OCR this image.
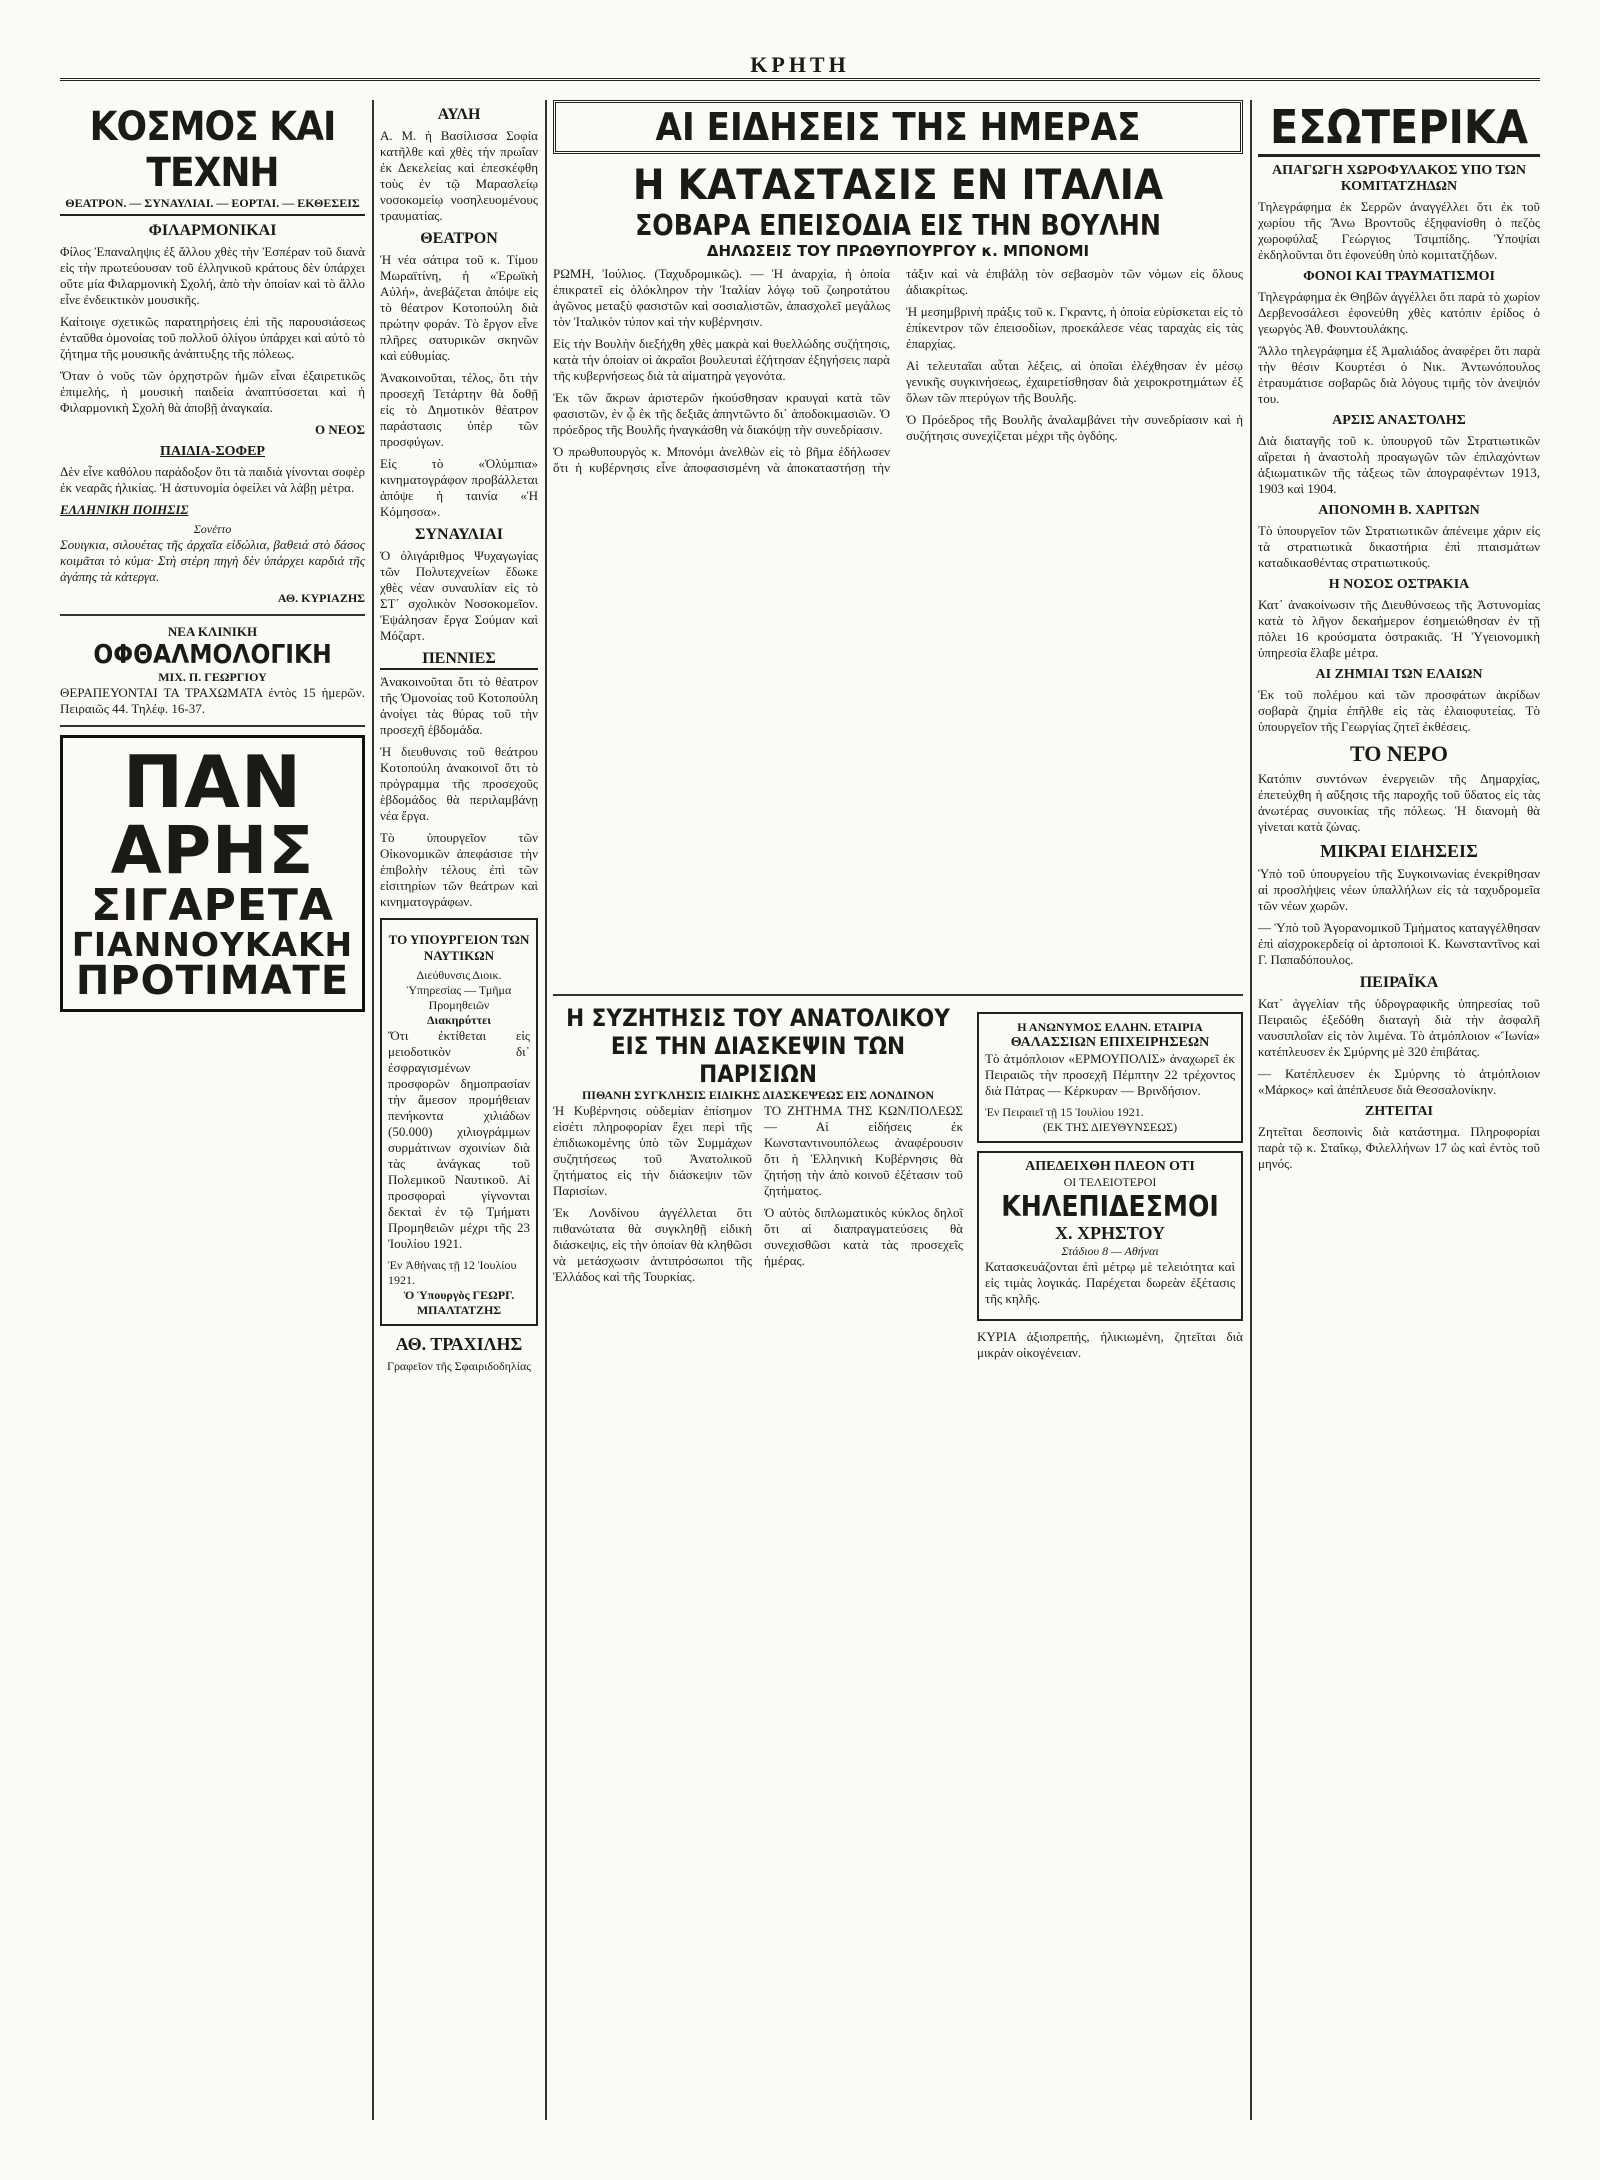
ΚΡΗΤΗ
ΚΟΣΜΟΣ ΚΑΙ ΤΕΧΝΗ
ΘΕΑΤΡΟΝ. — ΣΥΝΑΥΛΙΑΙ. — ΕΟΡΤΑΙ. — ΕΚΘΕΣΕΙΣ
ΦΙΛΑΡΜΟΝΙΚΑΙ

Φίλος Ἐπαναληψις ἐξ ἄλλου χθὲς τὴν Ἐσπέραν τοῦ διανὰ εἰς τὴν πρωτεύουσαν τοῦ ἑλληνικοῦ κράτους δὲν ὑπάρχει οὔτε μία Φιλαρμονικὴ Σχολή, ἀπὸ τὴν ὁποίαν καὶ τὸ ἄλλο εἶνε ἐνδεικτικὸν μουσικῆς.

Καίτοιγε σχετικῶς παρατηρήσεις ἐπὶ τῆς παρουσιάσεως ἐνταῦθα ὁμονοίας τοῦ πολλοῦ ὀλίγου ὑπάρχει καὶ αὐτὸ τὸ ζήτημα τῆς μουσικῆς ἀνάπτυξης τῆς πόλεως.

Ὅταν ὁ νοῦς τῶν ὀρχηστρῶν ἡμῶν εἶναι ἐξαιρετικῶς ἐπιμελής, ἡ μουσικὴ παιδεία ἀναπτύσσεται καὶ ἡ Φιλαρμονικὴ Σχολὴ θὰ ἀποβῇ ἀναγκαία.

Ο ΝΕΟΣ
ΠΑΙΔΙΑ-ΣΟΦΕΡ

Δὲν εἶνε καθόλου παράδοξον ὅτι τὰ παιδιὰ γίνονται σοφὲρ ἐκ νεαρᾶς ἡλικίας. Ἡ ἀστυνομία ὀφείλει νὰ λάβῃ μέτρα.

ΕΛΛΗΝΙΚΗ ΠΟΙΗΣΙΣ
Σονέττο

Σουιγκια, σιλουέτας τῆς ἀρχαῖα εἰδώλια, βαθειά στὸ δάσος κοιμᾶται τὸ κύμα· Στὴ στέρη πηγὴ δὲν ὑπάρχει καρδιά τῆς ἀγάπης τὰ κάτεργα.

ΑΘ. ΚΥΡΙΑΖΗΣ
ΝΕΑ ΚΛΙΝΙΚΗ
ΟΦΘΑΛΜΟΛΟΓΙΚΗ
ΜΙΧ. Π. ΓΕΩΡΓΙΟΥ

ΘΕΡΑΠΕΥΟΝΤΑΙ ΤΑ ΤΡΑΧΩΜΑΤΑ ἐντὸς 15 ἡμερῶν. Πειραιῶς 44. Τηλέφ. 16-37.

ΠΑΝ
ΑΡΗΣ
ΣΙΓΑΡΕΤΑ
ΓΙΑΝΝΟΥΚΑΚΗ
ΠΡΟΤΙΜΑΤΕ
ΑΥΛΗ

Α. Μ. ἡ Βασίλισσα Σοφία κατῆλθε καὶ χθὲς τὴν πρωΐαν ἐκ Δεκελείας καὶ ἐπεσκέφθη τοὺς ἐν τῷ Μαρασλείῳ νοσοκομείῳ νοσηλευομένους τραυματίας.

ΘΕΑΤΡΟΝ

Ἡ νέα σάτιρα τοῦ κ. Τίμου Μωραϊτίνη, ἡ «Ἑρωϊκὴ Αὐλή», ἀνεβάζεται ἀπόψε εἰς τὸ θέατρον Κοτοπούλη διὰ πρώτην φοράν. Τὸ ἔργον εἶνε πλῆρες σατυρικῶν σκηνῶν καὶ εὐθυμίας.

Ἀνακοινοῦται, τέλος, ὅτι τὴν προσεχῆ Τετάρτην θὰ δοθῇ εἰς τὸ Δημοτικὸν θέατρον παράστασις ὑπὲρ τῶν προσφύγων.

Εἰς τὸ «Ὀλύμπια» κινηματογράφον προβάλλεται ἀπόψε ἡ ταινία «Ἡ Κόμησσα».

ΣΥΝΑΥΛΙΑΙ

Ὁ ὀλιγάριθμος Ψυχαγωγίας τῶν Πολυτεχνείων ἔδωκε χθὲς νέαν συναυλίαν εἰς τὸ ΣΤ΄ σχολικὸν Νοσοκομεῖον. Ἐψάλησαν ἔργα Σούμαν καὶ Μόζαρτ.

ΠΕΝΝΙΕΣ

Ἀνακοινοῦται ὅτι τὸ θέατρον τῆς Ὀμονοίας τοῦ Κοτοπούλη ἀνοίγει τὰς θύρας τοῦ τὴν προσεχῆ ἑβδομάδα.

Ἡ διευθυνσις τοῦ θεάτρου Κοτοπούλη ἀνακοινοῖ ὅτι τὸ πρόγραμμα τῆς προσεχοῦς ἑβδομάδος θὰ περιλαμβάνῃ νέα ἔργα.

Τὸ ὑπουργεῖον τῶν Οἰκονομικῶν ἀπεφάσισε τὴν ἐπιβολὴν τέλους ἐπὶ τῶν εἰσιτηρίων τῶν θεάτρων καὶ κινηματογράφων.

ΤΟ ΥΠΟΥΡΓΕΙΟΝ ΤΩΝ ΝΑΥΤΙΚΩΝ
Διεύθυνσις Διοικ. Ὑπηρεσίας — Τμῆμα Προμηθειῶν
Διακηρύττει

Ὅτι ἐκτίθεται εἰς μειοδοτικὸν δι᾽ ἐσφραγισμένων προσφορῶν δημοπρασίαν τὴν ἄμεσον προμήθειαν πενήκοντα χιλιάδων (50.000) χιλιογράμμων συρμάτινων σχοινίων διὰ τὰς ἀνάγκας τοῦ Πολεμικοῦ Ναυτικοῦ. Αἱ προσφοραὶ γίγνονται δεκταὶ ἐν τῷ Τμήματι Προμηθειῶν μέχρι τῆς 23 Ἰουλίου 1921.

Ἐν Ἀθήναις τῇ 12 Ἰουλίου 1921.
Ὁ Ὑπουργὸς ΓΕΩΡΓ. ΜΠΑΛΤΑΤΖΗΣ
ΑΘ. ΤΡΑΧΙΛΗΣ
Γραφεῖον τῆς Σφαιριδοδηλίας
ΑΙ ΕΙΔΗΣΕΙΣ ΤΗΣ ΗΜΕΡΑΣ
Η ΚΑΤΑΣΤΑΣΙΣ ΕΝ ΙΤΑΛΙΑ
ΣΟΒΑΡΑ ΕΠΕΙΣΟΔΙΑ ΕΙΣ ΤΗΝ ΒΟΥΛΗΝ
ΔΗΛΩΣΕΙΣ ΤΟΥ ΠΡΩΘΥΠΟΥΡΓΟΥ κ. ΜΠΟΝΟΜΙ

ΡΩΜΗ, Ἰούλιος. (Ταχυδρομικῶς). — Ἡ ἀναρχία, ἡ ὁποία ἐπικρατεῖ εἰς ὁλόκληρον τὴν Ἰταλίαν λόγῳ τοῦ ζωηροτάτου ἀγῶνος μεταξὺ φασιστῶν καὶ σοσιαλιστῶν, ἀπασχολεῖ μεγάλως τὸν Ἰταλικὸν τύπον καὶ τὴν κυβέρνησιν.

Εἰς τὴν Βουλὴν διεξήχθη χθὲς μακρὰ καὶ θυελλώδης συζήτησις, κατὰ τὴν ὁποίαν οἱ ἀκραῖοι βουλευταὶ ἐζήτησαν ἐξηγήσεις παρὰ τῆς κυβερνήσεως διὰ τὰ αἱματηρὰ γεγονότα.

Ἐκ τῶν ἄκρων ἀριστερῶν ἠκούσθησαν κραυγαὶ κατὰ τῶν φασιστῶν, ἐν ᾧ ἐκ τῆς δεξιᾶς ἀπηντῶντο δι᾽ ἀποδοκιμασιῶν. Ὁ πρόεδρος τῆς Βουλῆς ἠναγκάσθη νὰ διακόψῃ τὴν συνεδρίασιν.

Ὁ πρωθυπουργὸς κ. Μπονόμι ἀνελθὼν εἰς τὸ βῆμα ἐδήλωσεν ὅτι ἡ κυβέρνησις εἶνε ἀποφασισμένη νὰ ἀποκαταστήσῃ τὴν τάξιν καὶ νὰ ἐπιβάλῃ τὸν σεβασμὸν τῶν νόμων εἰς ὅλους ἀδιακρίτως.

Ἡ μεσημβρινὴ πράξις τοῦ κ. Γκραντς, ἡ ὁποία εὑρίσκεται εἰς τὸ ἐπίκεντρον τῶν ἐπεισοδίων, προεκάλεσε νέας ταραχὰς εἰς τὰς ἐπαρχίας.

Αἱ τελευταῖαι αὗται λέξεις, αἱ ὁποῖαι ἐλέχθησαν ἐν μέσῳ γενικῆς συγκινήσεως, ἐχαιρετίσθησαν διὰ χειροκροτημάτων ἐξ ὅλων τῶν πτερύγων τῆς Βουλῆς.

Ὁ Πρόεδρος τῆς Βουλῆς ἀναλαμβάνει τὴν συνεδρίασιν καὶ ἡ συζήτησις συνεχίζεται μέχρι τῆς ὀγδόης.

Η ΣΥΖΗΤΗΣΙΣ ΤΟΥ ΑΝΑΤΟΛΙΚΟΥ
ΕΙΣ ΤΗΝ ΔΙΑΣΚΕΨΙΝ ΤΩΝ ΠΑΡΙΣΙΩΝ
ΠΙΘΑΝΗ ΣΥΓΚΛΗΣΙΣ ΕΙΔΙΚΗΣ ΔΙΑΣΚΕΨΕΩΣ ΕΙΣ ΛΟΝΔΙΝΟΝ

Ἡ Κυβέρνησις οὐδεμίαν ἐπίσημον εἰσέτι πληροφορίαν ἔχει περὶ τῆς ἐπιδιωκομένης ὑπὸ τῶν Συμμάχων συζητήσεως τοῦ Ἀνατολικοῦ ζητήματος εἰς τὴν διάσκεψιν τῶν Παρισίων.

Ἐκ Λονδίνου ἀγγέλλεται ὅτι πιθανώτατα θὰ συγκληθῇ εἰδικὴ διάσκεψις, εἰς τὴν ὁποίαν θὰ κληθῶσι νὰ μετάσχωσιν ἀντιπρόσωποι τῆς Ἑλλάδος καὶ τῆς Τουρκίας.

ΤΟ ΖΗΤΗΜΑ ΤΗΣ ΚΩΝ/ΠΟΛΕΩΣ — Αἱ εἰδήσεις ἐκ Κωνσταντινουπόλεως ἀναφέρουσιν ὅτι ἡ Ἑλληνικὴ Κυβέρνησις θὰ ζητήσῃ τὴν ἀπὸ κοινοῦ ἐξέτασιν τοῦ ζητήματος.

Ὁ αὐτὸς διπλωματικὸς κύκλος δηλοῖ ὅτι αἱ διαπραγματεύσεις θὰ συνεχισθῶσι κατὰ τὰς προσεχεῖς ἡμέρας.

Η ΑΝΩΝΥΜΟΣ ΕΛΛΗΝ. ΕΤΑΙΡΙΑ
ΘΑΛΑΣΣΙΩΝ ΕΠΙΧΕΙΡΗΣΕΩΝ

Τὸ ἀτμόπλοιον «ΕΡΜΟΥΠΟΛΙΣ» ἀναχωρεῖ ἐκ Πειραιῶς τὴν προσεχῆ Πέμπτην 22 τρέχοντος διὰ Πάτρας — Κέρκυραν — Βρινδήσιον.

Ἐν Πειραιεῖ τῇ 15 Ἰουλίου 1921.
(ΕΚ ΤΗΣ ΔΙΕΥΘΥΝΣΕΩΣ)
ΑΠΕΔΕΙΧΘΗ ΠΛΕΟΝ ΟΤΙ
ΟΙ ΤΕΛΕΙΟΤΕΡΟΙ
ΚΗΛΕΠΙΔΕΣΜΟΙ
Χ. ΧΡΗΣΤΟΥ
Στάδιου 8 — Αθήναι

Κατασκευάζονται ἐπὶ μέτρῳ μὲ τελειότητα καὶ εἰς τιμὰς λογικάς. Παρέχεται δωρεὰν ἐξέτασις τῆς κηλῆς.

ΚΥΡΙΑ ἀξιοπρεπής, ἡλικιωμένη, ζητεῖται διὰ μικρὰν οἰκογένειαν.

ΕΣΩΤΕΡΙΚΑ
ΑΠΑΓΩΓΗ ΧΩΡΟΦΥΛΑΚΟΣ ΥΠΟ ΤΩΝ ΚΟΜΙΤΑΤΖΗΔΩΝ

Τηλεγράφημα ἐκ Σερρῶν ἀναγγέλλει ὅτι ἐκ τοῦ χωρίου τῆς Ἄνω Βροντοῦς ἐξηφανίσθη ὁ πεζὸς χωροφύλαξ Γεώργιος Τσιμπίδης. Ὑποψίαι ἐκδηλοῦνται ὅτι ἐφονεύθη ὑπὸ κομιτατζήδων.

ΦΟΝΟΙ ΚΑΙ ΤΡΑΥΜΑΤΙΣΜΟΙ

Τηλεγράφημα ἐκ Θηβῶν ἀγγέλλει ὅτι παρὰ τὸ χωρίον Δερβενοσάλεσι ἐφονεύθη χθὲς κατόπιν ἐρίδος ὁ γεωργὸς Ἀθ. Φουντουλάκης.

Ἄλλο τηλεγράφημα ἐξ Ἀμαλιάδος ἀναφέρει ὅτι παρὰ τὴν θέσιν Κουρτέσι ὁ Νικ. Ἀντωνόπουλος ἐτραυμάτισε σοβαρῶς διὰ λόγους τιμῆς τὸν ἀνεψιόν του.

ΑΡΣΙΣ ΑΝΑΣΤΟΛΗΣ

Διὰ διαταγῆς τοῦ κ. ὑπουργοῦ τῶν Στρατιωτικῶν αἴρεται ἡ ἀναστολὴ προαγωγῶν τῶν ἐπιλαχόντων ἀξιωματικῶν τῆς τάξεως τῶν ἀπογραφέντων 1913, 1903 καὶ 1904.

ΑΠΟΝΟΜΗ Β. ΧΑΡΙΤΩΝ

Τὸ ὑπουργεῖον τῶν Στρατιωτικῶν ἀπένειμε χάριν εἰς τὰ στρατιωτικὰ δικαστήρια ἐπὶ πταισμάτων καταδικασθέντας στρατιωτικούς.

Η ΝΟΣΟΣ ΟΣΤΡΑΚΙΑ

Κατ᾽ ἀνακοίνωσιν τῆς Διευθύνσεως τῆς Ἀστυνομίας κατὰ τὸ λῆγον δεκαήμερον ἐσημειώθησαν ἐν τῇ πόλει 16 κρούσματα ὀστρακιᾶς. Ἡ Ὑγειονομικὴ ὑπηρεσία ἔλαβε μέτρα.

ΑΙ ΖΗΜΙΑΙ ΤΩΝ ΕΛΑΙΩΝ

Ἐκ τοῦ πολέμου καὶ τῶν προσφάτων ἀκρίδων σοβαρὰ ζημία ἐπῆλθε εἰς τὰς ἐλαιοφυτείας. Τὸ ὑπουργεῖον τῆς Γεωργίας ζητεῖ ἐκθέσεις.

ΤΟ ΝΕΡΟ

Κατόπιν συντόνων ἐνεργειῶν τῆς Δημαρχίας, ἐπετεύχθη ἡ αὔξησις τῆς παροχῆς τοῦ ὕδατος εἰς τὰς ἀνωτέρας συνοικίας τῆς πόλεως. Ἡ διανομὴ θὰ γίνεται κατὰ ζώνας.

ΜΙΚΡΑΙ ΕΙΔΗΣΕΙΣ

Ὑπὸ τοῦ ὑπουργείου τῆς Συγκοινωνίας ἐνεκρίθησαν αἱ προσλήψεις νέων ὑπαλλήλων εἰς τὰ ταχυδρομεῖα τῶν νέων χωρῶν.

— Ὑπὸ τοῦ Ἀγορανομικοῦ Τμήματος καταγγέλθησαν ἐπὶ αἰσχροκερδείᾳ οἱ ἀρτοποιοὶ Κ. Κωνσταντῖνος καὶ Γ. Παπαδόπουλος.

ΠΕΙΡΑΪΚΑ

Κατ᾽ ἀγγελίαν τῆς ὑδρογραφικῆς ὑπηρεσίας τοῦ Πειραιῶς ἐξεδόθη διαταγὴ διὰ τὴν ἀσφαλῆ ναυσιπλοΐαν εἰς τὸν λιμένα. Τὸ ἀτμόπλοιον «Ἴωνία» κατέπλευσεν ἐκ Σμύρνης μὲ 320 ἐπιβάτας.

— Κατέπλευσεν ἐκ Σμύρνης τὸ ἀτμόπλοιον «Μάρκος» καὶ ἀπέπλευσε διὰ Θεσσαλονίκην.

ΖΗΤΕΙΤΑΙ

Ζητεῖται δεσποινὶς διὰ κατάστημα. Πληροφορίαι παρὰ τῷ κ. Σταΐκῳ, Φιλελλήνων 17 ὡς καὶ ἐντὸς τοῦ μηνός.
